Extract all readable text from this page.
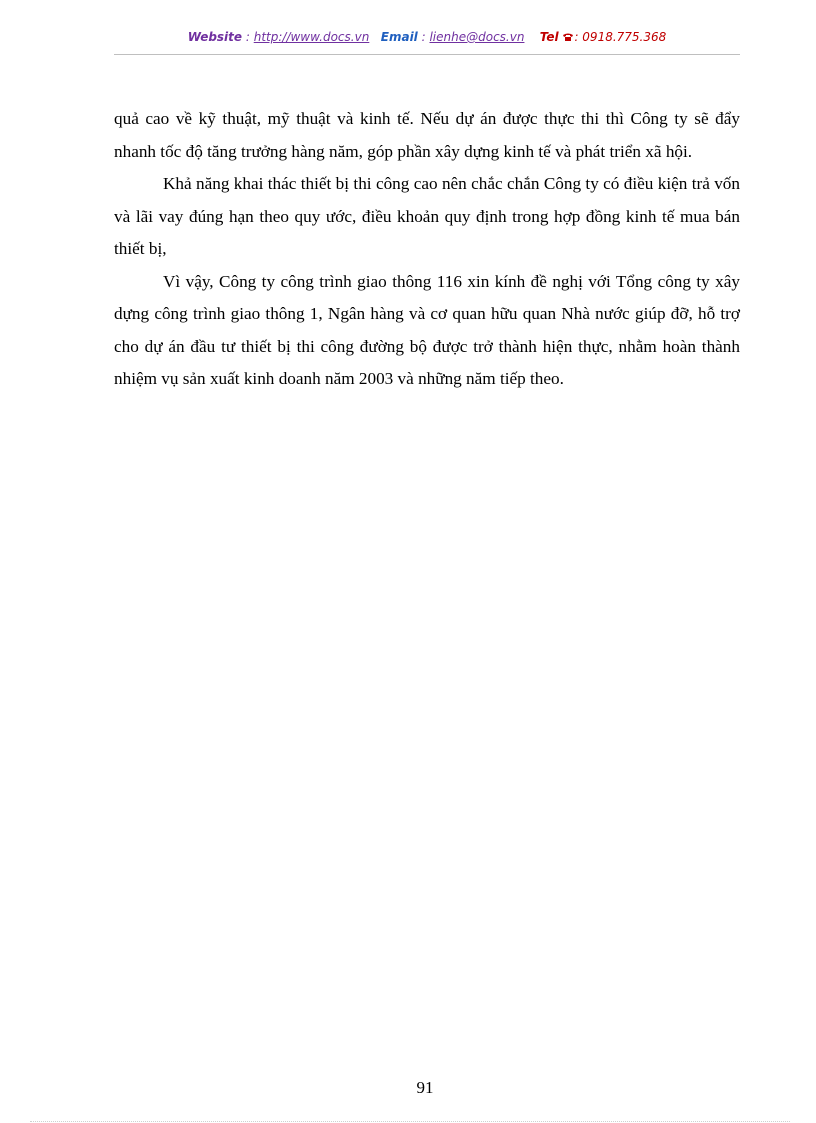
Website : http://www.docs.vn Email : lienhe@docs.vn Tel : 0918.775.368

quả cao về kỹ thuật, mỹ thuật và kinh tế. Nếu dự án được thực thi thì Công ty sẽ đẩy nhanh tốc độ tăng trưởng hàng năm, góp phần xây dựng kinh tế và phát triển xã hội.

Khả năng khai thác thiết bị thi công cao nên chắc chắn Công ty có điều kiện trả vốn và lãi vay đúng hạn theo quy ước, điều khoản quy định trong hợp đồng kinh tế mua bán thiết bị,

Vì vậy, Công ty công trình giao thông 116 xin kính đề nghị với Tổng công ty xây dựng công trình giao thông 1, Ngân hàng và cơ quan hữu quan Nhà nước giúp đỡ, hỗ trợ cho dự án đầu tư thiết bị thi công đường bộ được trở thành hiện thực, nhằm hoàn thành nhiệm vụ sản xuất kinh doanh năm 2003 và những năm tiếp theo.

91
